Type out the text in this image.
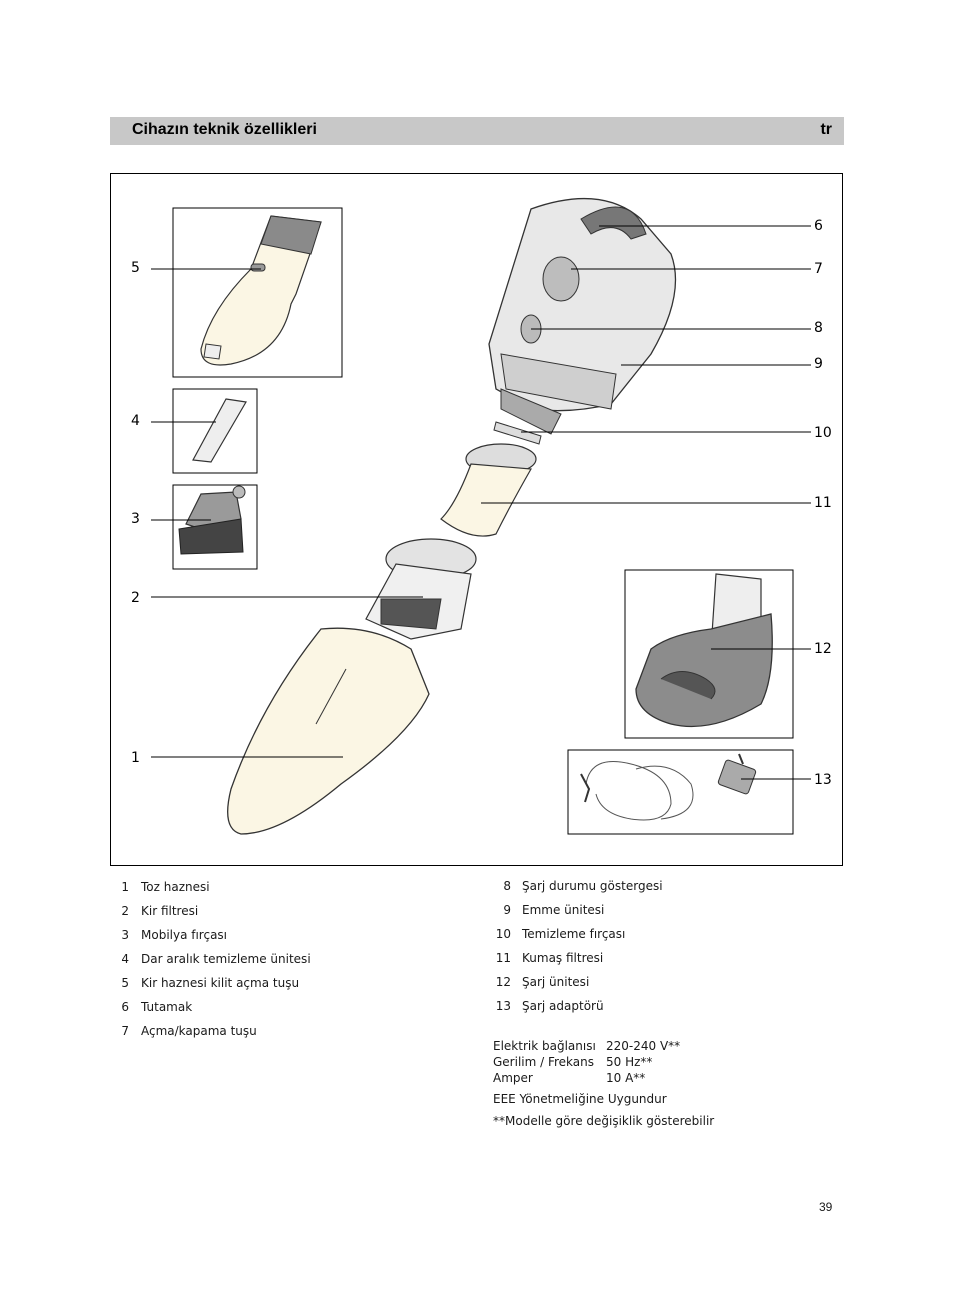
Cihazın teknik özellikleri	tr
5
4
3
2
1
6
7
8
9
10
11
12
13
1 Toz haznesi
2 Kir filtresi
3 Mobilya fırçası
4 Dar aralık temizleme ünitesi
5 Kir haznesi kilit açma tuşu
6 Tutamak
7 Açma/kapama tuşu
8 Şarj durumu göstergesi
9 Emme ünitesi
10 Temizleme fırçası
11 Kumaş filtresi
12 Şarj ünitesi
13 Şarj adaptörü
Elektrik bağlanısı 220-240 V**
Gerilim / Frekans 50 Hz**
Amper	10 A**
EEE Yönetmeliğine Uygundur
**Modelle göre değişiklik gösterebilir
39
